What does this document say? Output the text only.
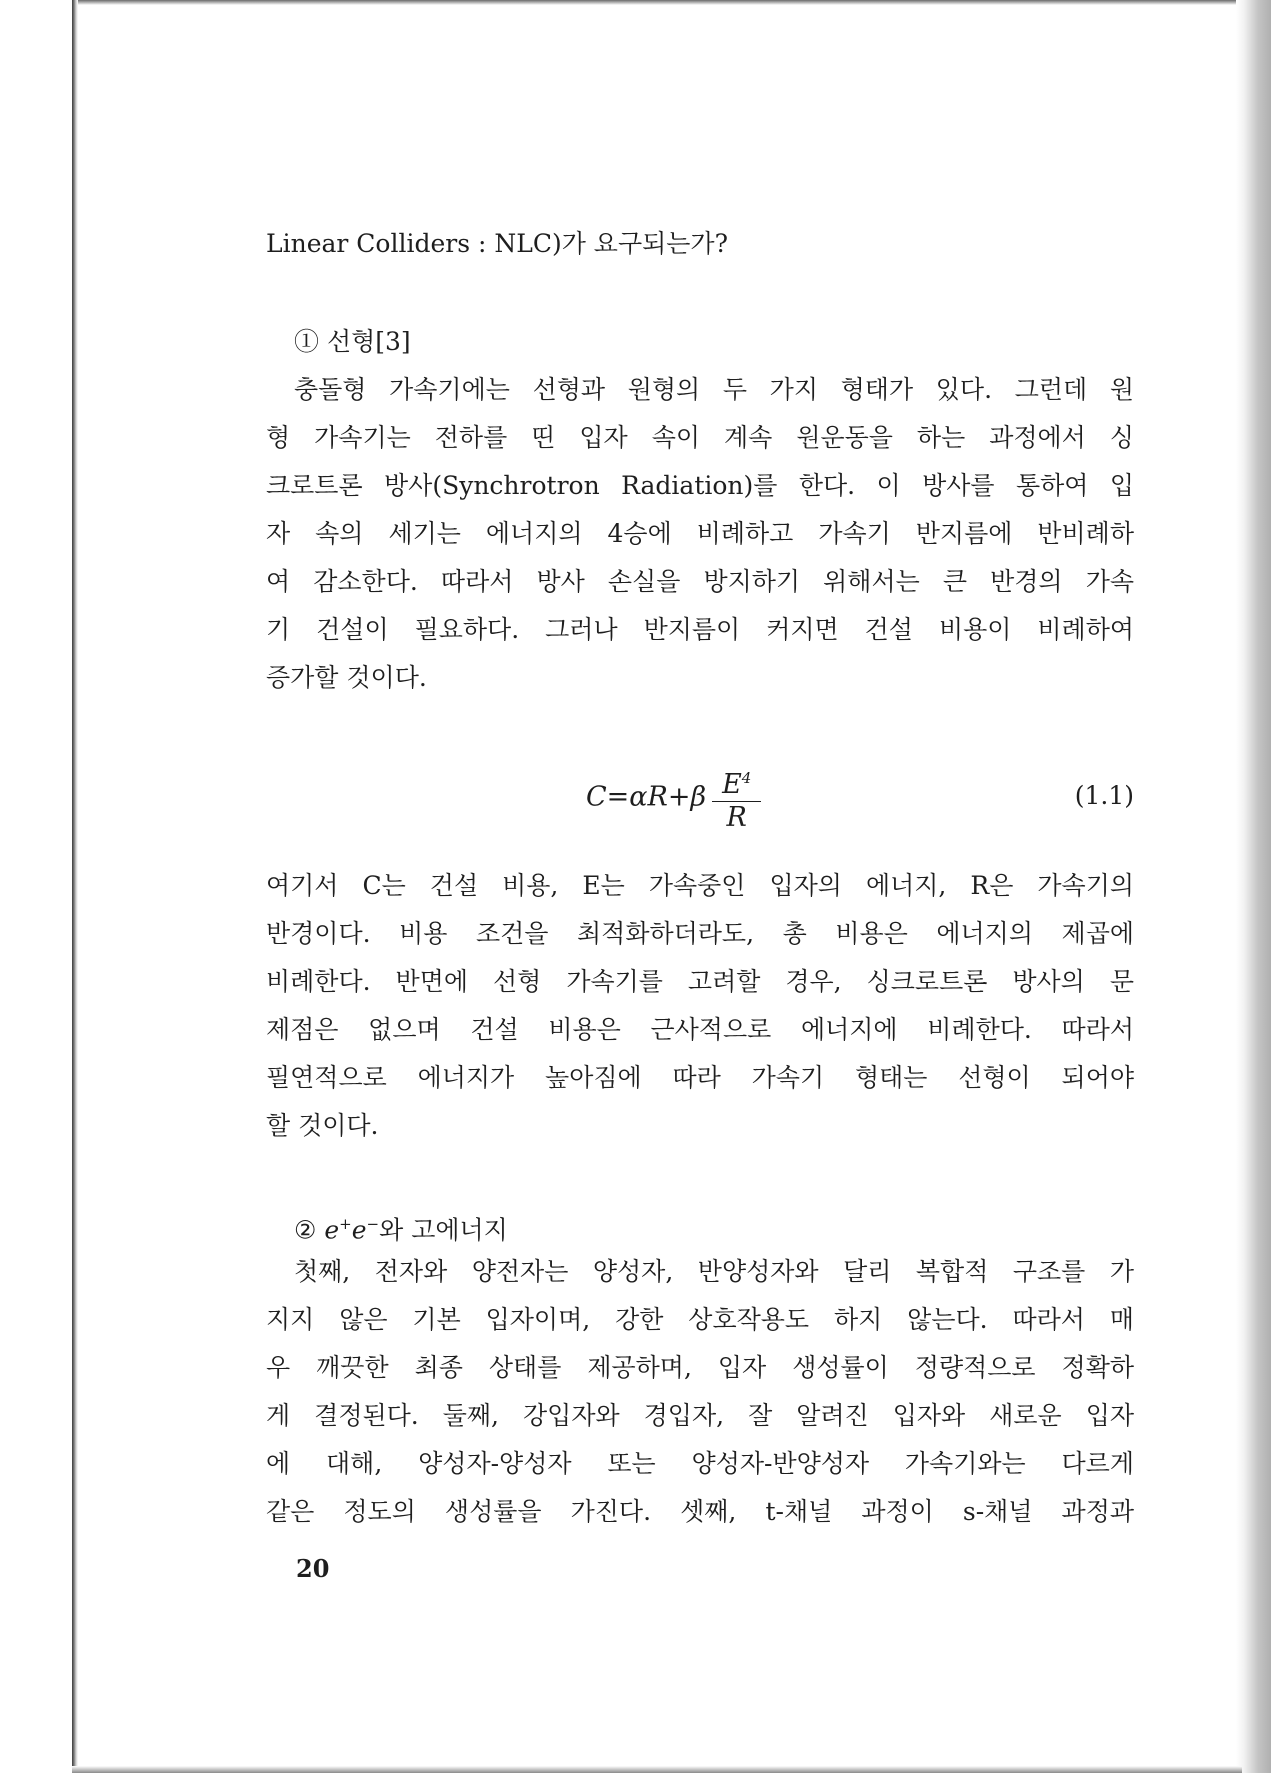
Linear Colliders : NLC)가 요구되는가?
① 선형[3]
충돌형 가속기에는 선형과 원형의 두 가지 형태가 있다. 그런데 원
형 가속기는 전하를 띤 입자 속이 계속 원운동을 하는 과정에서 싱
크로트론 방사(Synchrotron Radiation)를 한다. 이 방사를 통하여 입
자 속의 세기는 에너지의 4승에 비례하고 가속기 반지름에 반비례하
여 감소한다. 따라서 방사 손실을 방지하기 위해서는 큰 반경의 가속
기 건설이 필요하다. 그러나 반지름이 커지면 건설 비용이 비례하여
증가할 것이다.
$C=\alpha R+\beta \frac{E^4}{R}$	(1.1)
여기서 C는 건설 비용, E는 가속중인 입자의 에너지, R은 가속기의
반경이다. 비용 조건을 최적화하더라도, 총 비용은 에너지의 제곱에
비례한다. 반면에 선형 가속기를 고려할 경우, 싱크로트론 방사의 문
제점은 없으며 건설 비용은 근사적으로 에너지에 비례한다. 따라서
필연적으로 에너지가 높아짐에 따라 가속기 형태는 선형이 되어야
할 것이다.
② e+e−와 고에너지
첫째, 전자와 양전자는 양성자, 반양성자와 달리 복합적 구조를 가
지지 않은 기본 입자이며, 강한 상호작용도 하지 않는다. 따라서 매
우 깨끗한 최종 상태를 제공하며, 입자 생성률이 정량적으로 정확하
게 결정된다. 둘째, 강입자와 경입자, 잘 알려진 입자와 새로운 입자
에 대해, 양성자-양성자 또는 양성자-반양성자 가속기와는 다르게
같은 정도의 생성률을 가진다. 셋째, t-채널 과정이 s-채널 과정과
20
